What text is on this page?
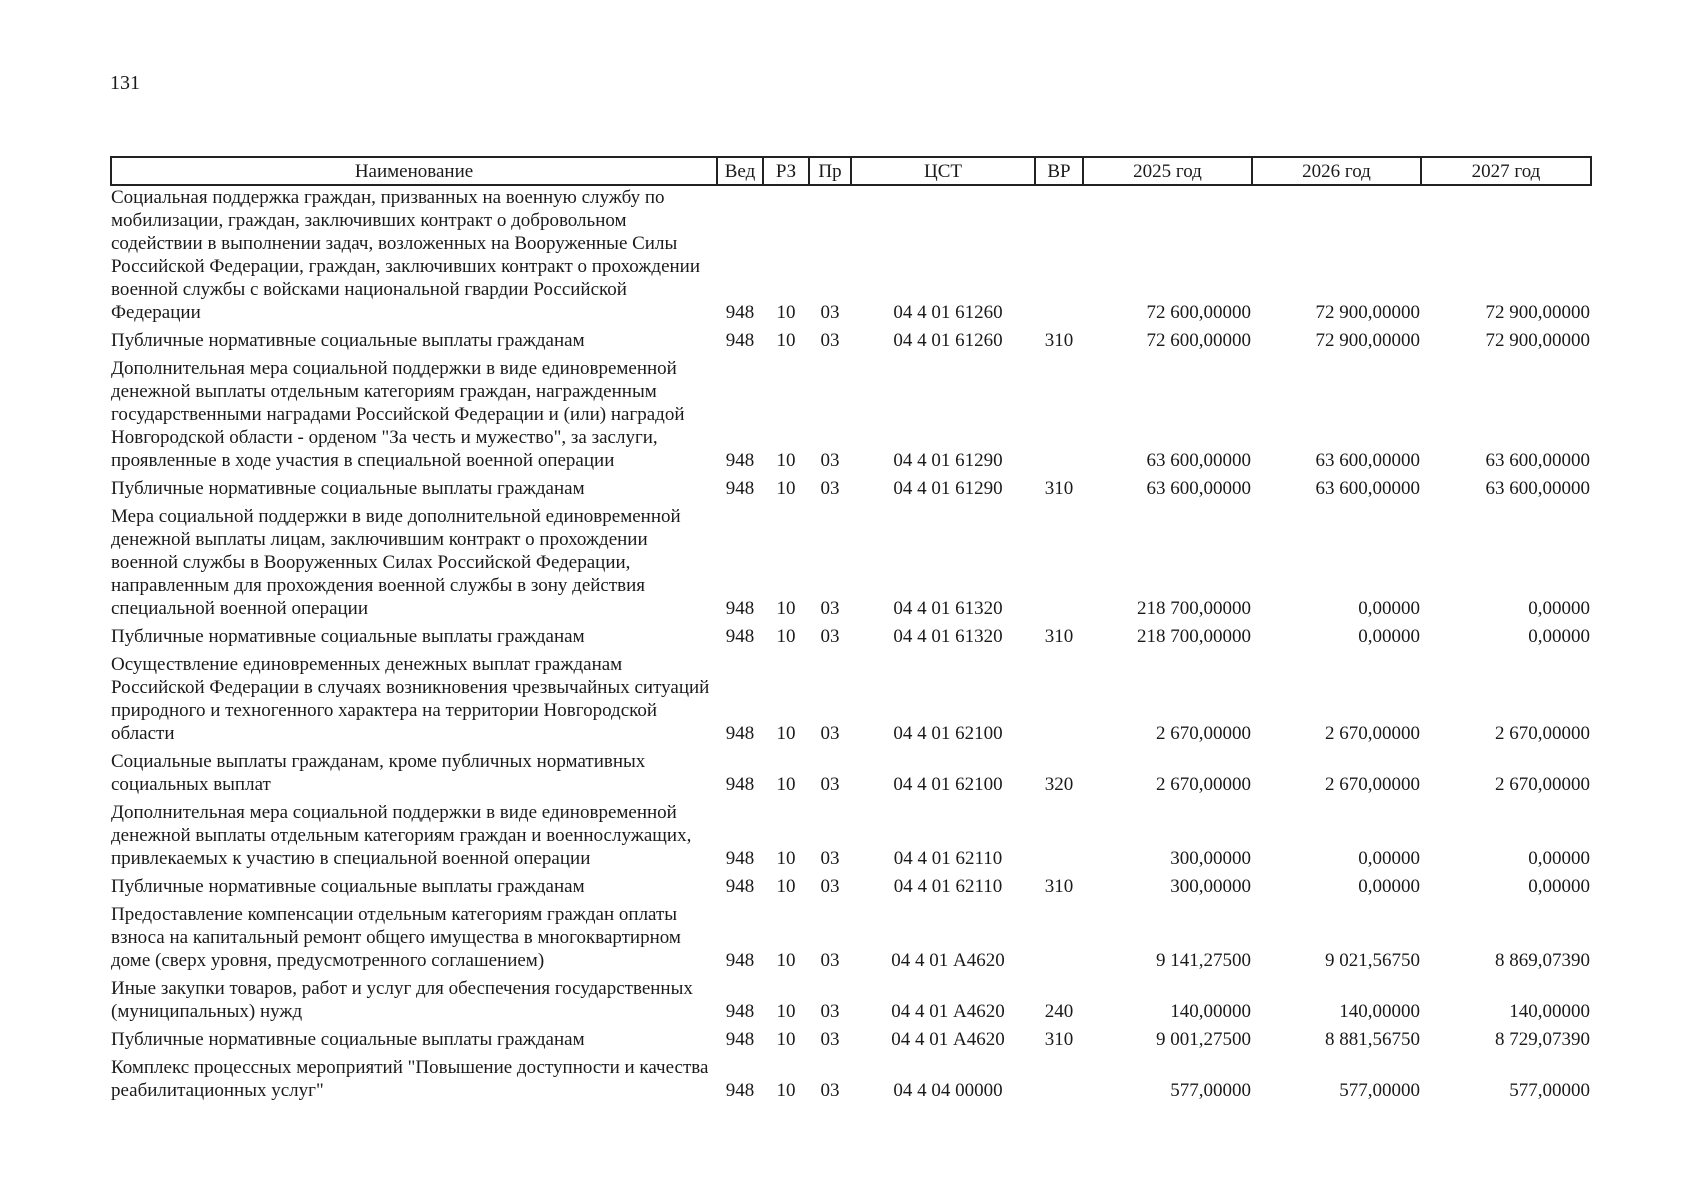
131
Наименование	Вед	РЗ	Пр	ЦСТ	ВР	2025 год	2026 год	2027 год
Социальная поддержка граждан, призванных на военную службу по мобилизации, граждан, заключивших контракт о добровольном содействии в выполнении задач, возложенных на Вооруженные Силы Российской Федерации, граждан, заключивших контракт о прохождении военной службы с войсками национальной гвардии Российской Федерации	948	10	03	04 4 01 61260		72 600,00000	72 900,00000	72 900,00000
Публичные нормативные социальные выплаты гражданам	948	10	03	04 4 01 61260	310	72 600,00000	72 900,00000	72 900,00000
Дополнительная мера социальной поддержки в виде единовременной денежной выплаты отдельным категориям граждан, награжденным государственными наградами Российской Федерации и (или) наградой Новгородской области - орденом "За честь и мужество", за заслуги, проявленные в ходе участия в специальной военной операции	948	10	03	04 4 01 61290		63 600,00000	63 600,00000	63 600,00000
Публичные нормативные социальные выплаты гражданам	948	10	03	04 4 01 61290	310	63 600,00000	63 600,00000	63 600,00000
Мера социальной поддержки в виде дополнительной единовременной денежной выплаты лицам, заключившим контракт о прохождении военной службы в Вооруженных Силах Российской Федерации, направленным для прохождения военной службы в зону действия специальной военной операции	948	10	03	04 4 01 61320		218 700,00000	0,00000	0,00000
Публичные нормативные социальные выплаты гражданам	948	10	03	04 4 01 61320	310	218 700,00000	0,00000	0,00000
Осуществление единовременных денежных выплат гражданам Российской Федерации в случаях возникновения чрезвычайных ситуаций природного и техногенного характера на территории Новгородской области	948	10	03	04 4 01 62100		2 670,00000	2 670,00000	2 670,00000
Социальные выплаты гражданам, кроме публичных нормативных социальных выплат	948	10	03	04 4 01 62100	320	2 670,00000	2 670,00000	2 670,00000
Дополнительная мера социальной поддержки в виде единовременной денежной выплаты отдельным категориям граждан и военнослужащих, привлекаемых к участию в специальной военной операции	948	10	03	04 4 01 62110		300,00000	0,00000	0,00000
Публичные нормативные социальные выплаты гражданам	948	10	03	04 4 01 62110	310	300,00000	0,00000	0,00000
Предоставление компенсации отдельным категориям граждан оплаты взноса на капитальный ремонт общего имущества в многоквартирном доме (сверх уровня, предусмотренного соглашением)	948	10	03	04 4 01 А4620		9 141,27500	9 021,56750	8 869,07390
Иные закупки товаров, работ и услуг для обеспечения государственных (муниципальных) нужд	948	10	03	04 4 01 А4620	240	140,00000	140,00000	140,00000
Публичные нормативные социальные выплаты гражданам	948	10	03	04 4 01 А4620	310	9 001,27500	8 881,56750	8 729,07390
Комплекс процессных мероприятий "Повышение доступности и качества реабилитационных услуг"	948	10	03	04 4 04 00000		577,00000	577,00000	577,00000
